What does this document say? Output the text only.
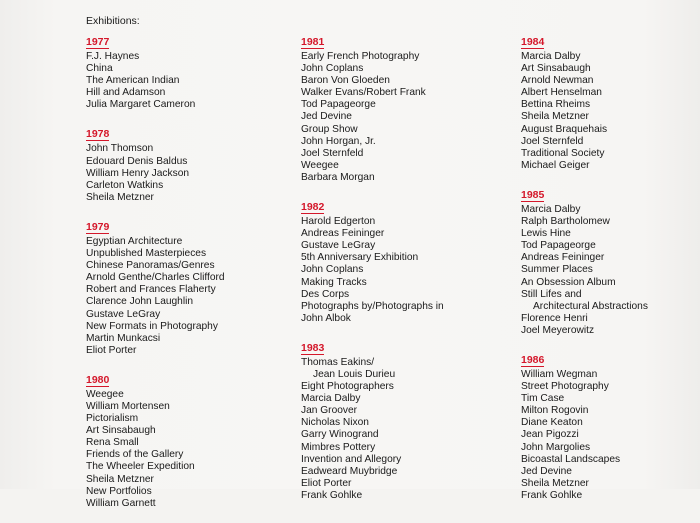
Exhibitions:
1977
F.J. Haynes
China
The American Indian
Hill and Adamson
Julia Margaret Cameron
1978
John Thomson
Edouard Denis Baldus
William Henry Jackson
Carleton Watkins
Sheila Metzner
1979
Egyptian Architecture
Unpublished Masterpieces
Chinese Panoramas/Genres
Arnold Genthe/Charles Clifford
Robert and Frances Flaherty
Clarence John Laughlin
Gustave LeGray
New Formats in Photography
Martin Munkacsi
Eliot Porter
1980
Weegee
William Mortensen
Pictorialism
Art Sinsabaugh
Rena Small
Friends of the Gallery
The Wheeler Expedition
Sheila Metzner
New Portfolios
William Garnett
1981
Early French Photography
John Coplans
Baron Von Gloeden
Walker Evans/Robert Frank
Tod Papageorge
Jed Devine
Group Show
John Horgan, Jr.
Joel Sternfeld
Weegee
Barbara Morgan
1982
Harold Edgerton
Andreas Feininger
Gustave LeGray
5th Anniversary Exhibition
John Coplans
Making Tracks
Des Corps
Photographs by/Photographs in
John Albok
1983
Thomas Eakins/
Jean Louis Durieu
Eight Photographers
Marcia Dalby
Jan Groover
Nicholas Nixon
Garry Winogrand
Mimbres Pottery
Invention and Allegory
Eadweard Muybridge
Eliot Porter
Frank Gohlke
1984
Marcia Dalby
Art Sinsabaugh
Arnold Newman
Albert Henselman
Bettina Rheims
Sheila Metzner
August Braquehais
Joel Sternfeld
Traditional Society
Michael Geiger
1985
Marcia Dalby
Ralph Bartholomew
Lewis Hine
Tod Papageorge
Andreas Feininger
Summer Places
An Obsession Album
Still Lifes and
Architectural Abstractions
Florence Henri
Joel Meyerowitz
1986
William Wegman
Street Photography
Tim Case
Milton Rogovin
Diane Keaton
Jean Pigozzi
John Margolies
Bicoastal Landscapes
Jed Devine
Sheila Metzner
Frank Gohlke
